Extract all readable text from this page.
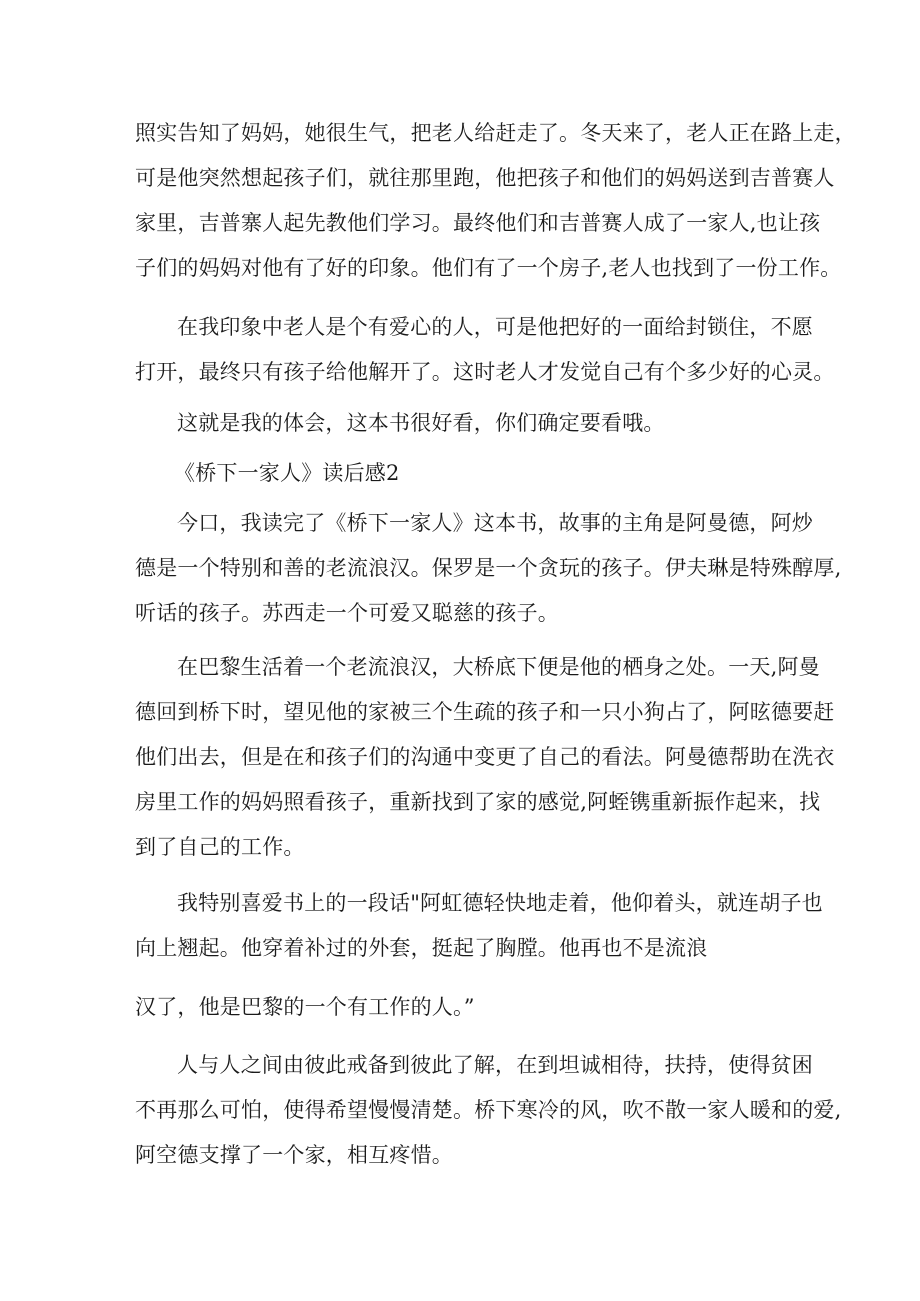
照实告知了妈妈，她很生气，把老人给赶走了。冬天来了，老人正在路上走，
可是他突然想起孩子们，就往那里跑，他把孩子和他们的妈妈送到吉普赛人
家里，吉普寨人起先教他们学习。最终他们和吉普赛人成了一家人,也让孩
子们的妈妈对他有了好的印象。他们有了一个房子,老人也找到了一份工作。
在我印象中老人是个有爱心的人，可是他把好的一面给封锁住，不愿
打开，最终只有孩子给他解开了。这时老人才发觉自己有个多少好的心灵。
这就是我的体会，这本书很好看，你们确定要看哦。
《桥下一家人》读后感2
今口，我读完了《桥下一家人》这本书，故事的主角是阿曼德，阿炒
德是一个特别和善的老流浪汉。保罗是一个贪玩的孩子。伊夫琳是特殊醇厚,
听话的孩子。苏西走一个可爱又聪慈的孩子。
在巴黎生活着一个老流浪汉，大桥底下便是他的栖身之处。一天,阿曼
德回到桥下时，望见他的家被三个生疏的孩子和一只小狗占了，阿昡德要赶
他们出去，但是在和孩子们的沟通中变更了自己的看法。阿曼德帮助在洗衣
房里工作的妈妈照看孩子，重新找到了家的感觉,阿蛭镌重新振作起来，找
到了自己的工作。
我特别喜爱书上的一段话"阿虹德轻快地走着，他仰着头，就连胡子也
向上翘起。他穿着补过的外套，挺起了胸膛。他再也不是流浪
汉了，他是巴黎的一个有工作的人。”
人与人之间由彼此戒备到彼此了解，在到坦诚相待，扶持，使得贫困
不再那么可怕，使得希望慢慢清楚。桥下寒冷的风，吹不散一家人暖和的爱,
阿空德支撑了一个家，相互疼惜。
